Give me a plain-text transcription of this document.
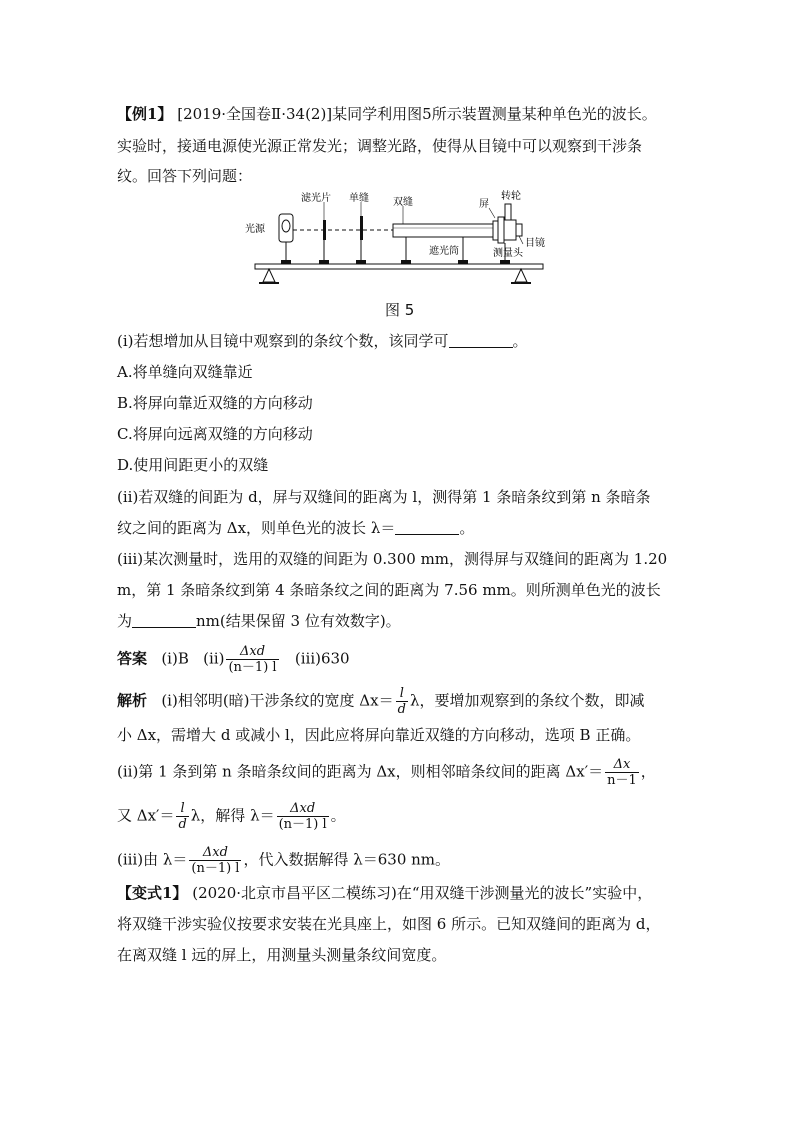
【例1】 [2019·全国卷Ⅱ·34(2)]某同学利用图5所示装置测量某种单色光的波长。
实验时，接通电源使光源正常发光；调整光路，使得从目镜中可以观察到干涉条
纹。回答下列问题：
光源
滤光片 单缝 双缝	屏
转轮
目镜
遮光筒	测量头
图 5
(ⅰ)若想增加从目镜中观察到的条纹个数，该同学可	。
A.将单缝向双缝靠近
B.将屏向靠近双缝的方向移动
C.将屏向远离双缝的方向移动
D.使用间距更小的双缝
(ⅱ)若双缝的间距为 d，屏与双缝间的距离为 l，测得第 1 条暗条纹到第 n 条暗条
纹之间的距离为 Δx，则单色光的波长 λ＝	。
(ⅲ)某次测量时，选用的双缝的间距为 0.300 mm，测得屏与双缝间的距离为 1.20
m，第 1 条暗条纹到第 4 条暗条纹之间的距离为 7.56 mm。则所测单色光的波长
为	nm(结果保留 3 位有效数字)。
答案 (ⅰ)B (ⅱ) $\frac{\text{Δxd}}{(n-1) l}$ (ⅲ)630
解析 (ⅰ)相邻明(暗)干涉条纹的宽度 $\Delta x= \frac{l}{d}$ λ，要增加观察到的条纹个数，即减
小 Δx，需增大 d 或减小 l，因此应将屏向靠近双缝的方向移动，选项 B 正确。
(ⅱ)第 1 条到第 n 条暗条纹间的距离为 Δx，则相邻暗条纹间的距离 $\Delta x'= \frac{\Delta x}{n-1}$ ，
又 $\Delta x'= \frac{l}{d}$ λ，解得 $\lambda= \frac{\text{Δxd}}{(n-1) l}$ 。
(ⅲ)由 $\lambda= \frac{\text{Δxd}}{(n-1) l}$ ，代入数据解得 λ＝630 nm。
【变式1】 (2020·北京市昌平区二模练习)在“用双缝干涉测量光的波长”实验中，
将双缝干涉实验仪按要求安装在光具座上，如图 6 所示。已知双缝间的距离为 d，
在离双缝 l 远的屏上，用测量头测量条纹间宽度。
